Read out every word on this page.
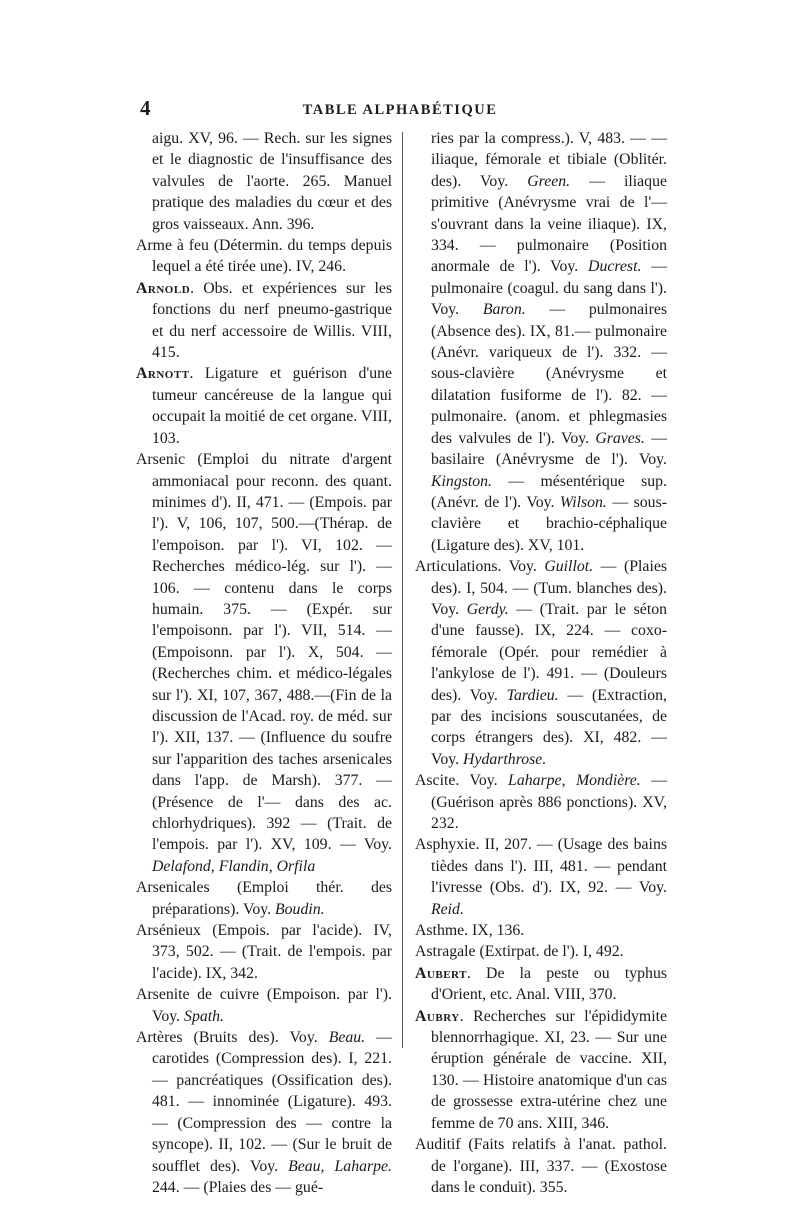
4	TABLE ALPHABÉTIQUE

aigu. XV, 96. — Rech. sur les signes et le diagnostic de l'insuffisance des valvules de l'aorte. 265. Manuel pratique des maladies du cœur et des gros vaisseaux. Ann. 396.

Arme à feu (Détermin. du temps depuis lequel a été tirée une). IV, 246.

Arnold. Obs. et expériences sur les fonctions du nerf pneumo-gastrique et du nerf accessoire de Willis. VIII, 415.

Arnott. Ligature et guérison d'une tumeur cancéreuse de la langue qui occupait la moitié de cet organe. VIII, 103.

Arsenic (Emploi du nitrate d'argent ammoniacal pour reconn. des quant. minimes d'). II, 471. — (Empois. par l'). V, 106, 107, 500.—(Thérap. de l'empoison. par l'). VI, 102. — Recherches médico-lég. sur l'). — 106. — contenu dans le corps humain. 375. — (Expér. sur l'empoisonn. par l'). VII, 514. — (Empoisonn. par l'). X, 504. — (Recherches chim. et médico-légales sur l'). XI, 107, 367, 488.—(Fin de la discussion de l'Acad. roy. de méd. sur l'). XII, 137. — (Influence du soufre sur l'apparition des taches arsenicales dans l'app. de Marsh). 377. — (Présence de l'— dans des ac. chlorhydriques). 392 — (Trait. de l'empois. par l'). XV, 109. — Voy. Delafond, Flandin, Orfila

Arsenicales (Emploi thér. des préparations). Voy. Boudin.

Arsénieux (Empois. par l'acide). IV, 373, 502. — (Trait. de l'empois. par l'acide). IX, 342.

Arsenite de cuivre (Empoison. par l'). Voy. Spath.

Artères (Bruits des). Voy. Beau. — carotides (Compression des). I, 221. — pancréatiques (Ossification des). 481. — innominée (Ligature). 493. — (Compression des — contre la syncope). II, 102. — (Sur le bruit de soufflet des). Voy. Beau, Laharpe. 244. — (Plaies des — gué-

ries par la compress.). V, 483. — — iliaque, fémorale et tibiale (Oblitér. des). Voy. Green. — iliaque primitive (Anévrysme vrai de l'— s'ouvrant dans la veine iliaque). IX, 334. — pulmonaire (Position anormale de l'). Voy. Ducrest. — pulmonaire (coagul. du sang dans l'). Voy. Baron. — pulmonaires (Absence des). IX, 81.— pulmonaire (Anévr. variqueux de l'). 332. — sous-clavière (Anévrysme et dilatation fusiforme de l'). 82. — pulmonaire. (anom. et phlegmasies des valvules de l'). Voy. Graves. — basilaire (Anévrysme de l'). Voy. Kingston. — mésentérique sup. (Anévr. de l'). Voy. Wilson. — sous-clavière et brachio-céphalique (Ligature des). XV, 101.

Articulations. Voy. Guillot. — (Plaies des). I, 504. — (Tum. blanches des). Voy. Gerdy. — (Trait. par le séton d'une fausse). IX, 224. — coxo-fémorale (Opér. pour remédier à l'ankylose de l'). 491. — (Douleurs des). Voy. Tardieu. — (Extraction, par des incisions souscutanées, de corps étrangers des). XI, 482. — Voy. Hydarthrose.

Ascite. Voy. Laharpe, Mondière. — (Guérison après 886 ponctions). XV, 232.

Asphyxie. II, 207. — (Usage des bains tièdes dans l'). III, 481. — pendant l'ivresse (Obs. d'). IX, 92. — Voy. Reid.

Asthme. IX, 136.

Astragale (Extirpat. de l'). I, 492.

Aubert. De la peste ou typhus d'Orient, etc. Anal. VIII, 370.

Aubry. Recherches sur l'épididymite blennorrhagique. XI, 23. — Sur une éruption générale de vaccine. XII, 130. — Histoire anatomique d'un cas de grossesse extra-utérine chez une femme de 70 ans. XIII, 346.

Auditif (Faits relatifs à l'anat. pathol. de l'organe). III, 337. — (Exostose dans le conduit). 355.
